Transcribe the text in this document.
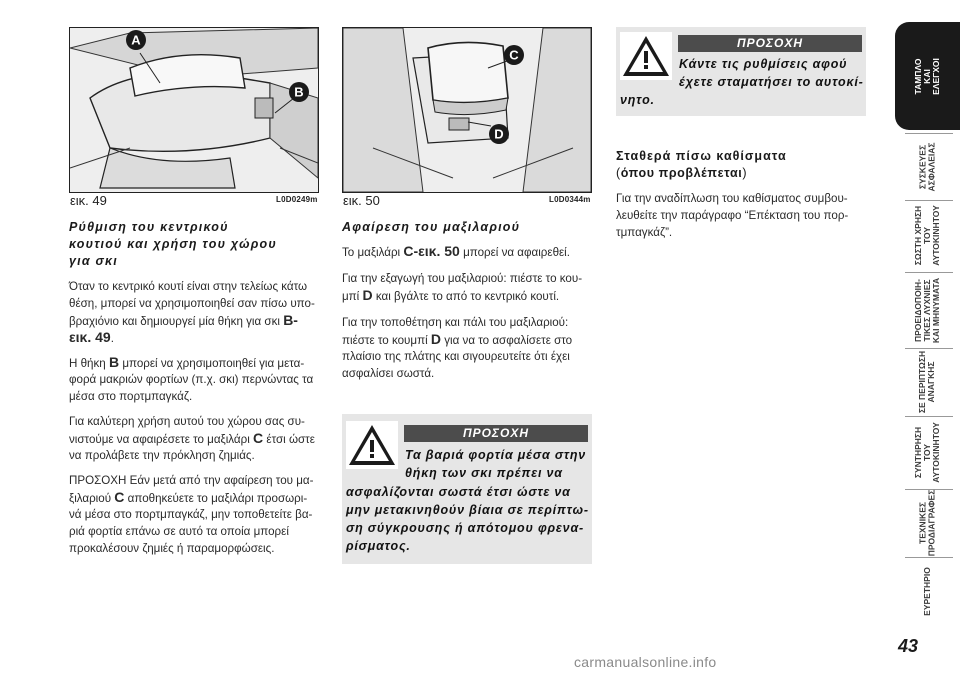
A
B
εικ. 49	L0D0249m
C
D
εικ. 50	L0D0344m
Ρύθμιση του κεντρικού
κουτιού και χρήση του χώρου
για σκι
Όταν το κεντρικό κουτί είναι στην τελείως κάτω
θέση, μπορεί να χρησιμοποιηθεί σαν πίσω υπο-
βραχιόνιο και δημιουργεί μία θήκη για σκι B-
εικ. 49.
Η θήκη B μπορεί να χρησιμοποιηθεί για μετα-
φορά μακριών φορτίων (π.χ. σκι) περνώντας τα
μέσα στο πορτμπαγκάζ.
Για καλύτερη χρήση αυτού του χώρου σας συ-
νιστούμε να αφαιρέσετε το μαξιλάρι C έτσι ώστε
να προλάβετε την πρόκληση ζημιάς.
ΠΡΟΣΟΧΗ Εάν μετά από την αφαίρεση του μα-
ξιλαριού C αποθηκεύετε το μαξιλάρι προσωρι-
νά μέσα στο πορτμπαγκάζ, μην τοποθετείτε βα-
ριά φορτία επάνω σε αυτό τα οποία μπορεί
προκαλέσουν ζημιές ή παραμορφώσεις.
Αφαίρεση του μαξιλαριού
Το μαξιλάρι C-εικ. 50 μπορεί να αφαιρεθεί.
Για την εξαγωγή του μαξιλαριού: πιέστε το κου-
μπί D και βγάλτε το από το κεντρικό κουτί.
Για την τοποθέτηση και πάλι του μαξιλαριού:
πιέστε το κουμπί D για να το ασφαλίσετε στο
πλαίσιο της πλάτης και σιγουρευτείτε ότι έχει
ασφαλίσει σωστά.
ΠΡΟΣΟΧΗ
Τα βαριά φορτία μέσα στην
θήκη των σκι πρέπει να
ασφαλίζονται σωστά έτσι ώστε να
μην μετακινηθούν βίαια σε περίπτω-
ση σύγκρουσης ή απότομου φρενα-
ρίσματος.
ΠΡΟΣΟΧΗ
Κάντε τις ρυθμίσεις αφού
έχετε σταματήσει το αυτοκί-
νητο.
Σταθερά πίσω καθίσματα
(όπου προβλέπεται)
Για την αναδίπλωση του καθίσματος συμβου-
λευθείτε την παράγραφο “Επέκταση του πορ-
τμπαγκάζ”.
ΤΑΜΠΛΟ
ΚΑΙ
ΕΛΕΓΧΟΙ
ΣΥΣΚΕΥΕΣ
ΑΣΦΑΛΕΙΑΣ
ΣΩΣΤΗ ΧΡΗΣΗ
ΤΟΥ
ΑΥΤΟΚΙΝΗΤΟΥ
ΠΡΟΕΙΔΟΠΟΙΗ-
ΤΙΚΕΣ ΛΥΧΝΙΕΣ
ΚΑΙ ΜΗΝΥΜΑΤΑ
ΣΕ ΠΕΡΙΠΤΩΣΗ
ΑΝΑΓΚΗΣ
ΣΥΝΤΗΡΗΣΗ
ΤΟΥ
ΑΥΤΟΚΙΝΗΤΟΥ
ΤΕΧΝΙΚΕΣ
ΠΡΟΔΙΑΓΡΑΦΕΣ
ΕΥΡΕΤΗΡΙΟ
43
carmanualsonline.info
